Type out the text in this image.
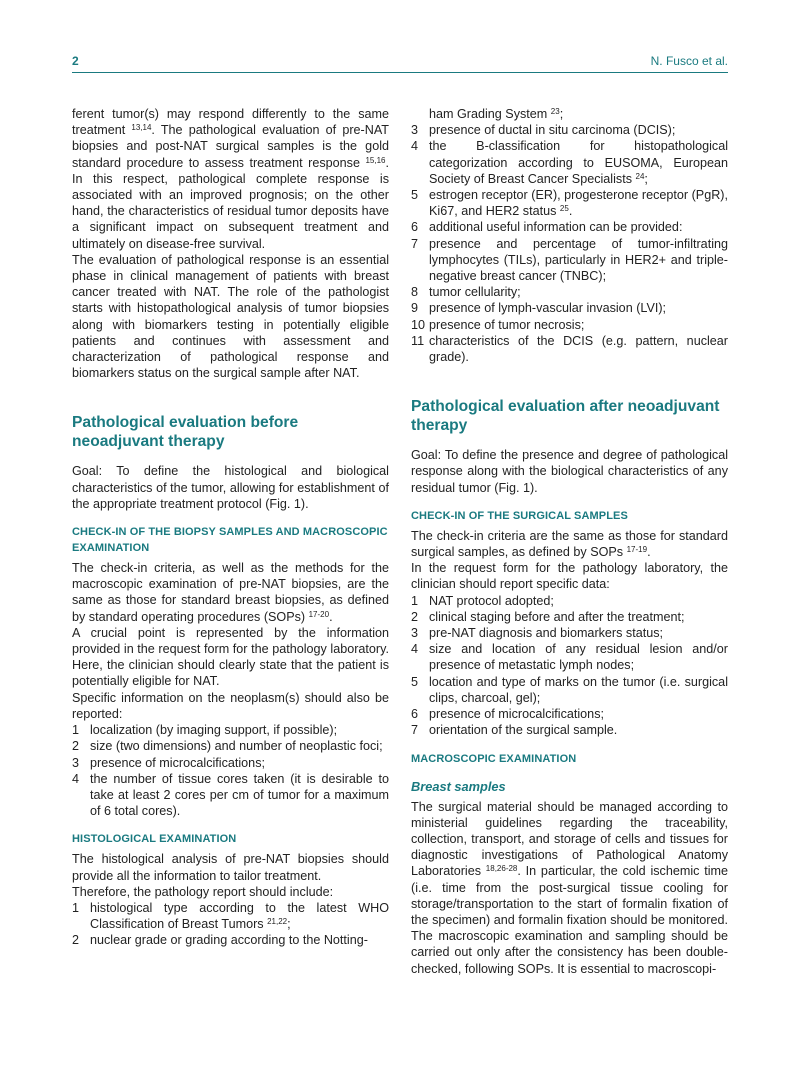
2	N. Fusco et al.

ferent tumor(s) may respond differently to the same treatment $^{13,14}$. The pathological evaluation of pre-NAT biopsies and post-NAT surgical samples is the gold standard procedure to assess treatment response $^{15,16}$. In this respect, pathological complete response is associated with an improved prognosis; on the other hand, the characteristics of residual tumor deposits have a significant impact on subsequent treatment and ultimately on disease-free survival.

The evaluation of pathological response is an essential phase in clinical management of patients with breast cancer treated with NAT. The role of the pathologist starts with histopathological analysis of tumor biopsies along with biomarkers testing in potentially eligible patients and continues with assessment and characterization of pathological response and biomarkers status on the surgical sample after NAT.

Pathological evaluation before neoadjuvant therapy

Goal: To define the histological and biological characteristics of the tumor, allowing for establishment of the appropriate treatment protocol (Fig. 1).

CHECK-IN OF THE BIOPSY SAMPLES AND MACROSCOPIC EXAMINATION

The check-in criteria, as well as the methods for the macroscopic examination of pre-NAT biopsies, are the same as those for standard breast biopsies, as defined by standard operating procedures (SOPs) $^{17-20}$.

A crucial point is represented by the information provided in the request form for the pathology laboratory. Here, the clinician should clearly state that the patient is potentially eligible for NAT.

Specific information on the neoplasm(s) should also be reported:

1 localization (by imaging support, if possible);
2 size (two dimensions) and number of neoplastic foci;
3 presence of microcalcifications;
4 the number of tissue cores taken (it is desirable to take at least 2 cores per cm of tumor for a maximum of 6 total cores).
HISTOLOGICAL EXAMINATION

The histological analysis of pre-NAT biopsies should provide all the information to tailor treatment.

Therefore, the pathology report should include:

1 histological type according to the latest WHO Classification of Breast Tumors $^{21,22}$;
2 nuclear grade or grading according to the Notting-
ham Grading System $^{23}$;
3 presence of ductal in situ carcinoma (DCIS);
4 the B-classification for histopathological categorization according to EUSOMA, European Society of Breast Cancer Specialists $^{24}$;
5 estrogen receptor (ER), progesterone receptor (PgR), Ki67, and HER2 status $^{25}$.
6 additional useful information can be provided:
7 presence and percentage of tumor-infiltrating lymphocytes (TILs), particularly in HER2+ and triple-negative breast cancer (TNBC);
8 tumor cellularity;
9 presence of lymph-vascular invasion (LVI);
10 presence of tumor necrosis;
11 characteristics of the DCIS (e.g. pattern, nuclear grade).
Pathological evaluation after neoadjuvant therapy

Goal: To define the presence and degree of pathological response along with the biological characteristics of any residual tumor (Fig. 1).

CHECK-IN OF THE SURGICAL SAMPLES

The check-in criteria are the same as those for standard surgical samples, as defined by SOPs $^{17-19}$.

In the request form for the pathology laboratory, the clinician should report specific data:

1 NAT protocol adopted;
2 clinical staging before and after the treatment;
3 pre-NAT diagnosis and biomarkers status;
4 size and location of any residual lesion and/or presence of metastatic lymph nodes;
5 location and type of marks on the tumor (i.e. surgical clips, charcoal, gel);
6 presence of microcalcifications;
7 orientation of the surgical sample.
MACROSCOPIC EXAMINATION
Breast samples

The surgical material should be managed according to ministerial guidelines regarding the traceability, collection, transport, and storage of cells and tissues for diagnostic investigations of Pathological Anatomy Laboratories $^{18,26-28}$. In particular, the cold ischemic time (i.e. time from the post-surgical tissue cooling for storage/transportation to the start of formalin fixation of the specimen) and formalin fixation should be monitored. The macroscopic examination and sampling should be carried out only after the consistency has been double-checked, following SOPs. It is essential to macroscopi-
